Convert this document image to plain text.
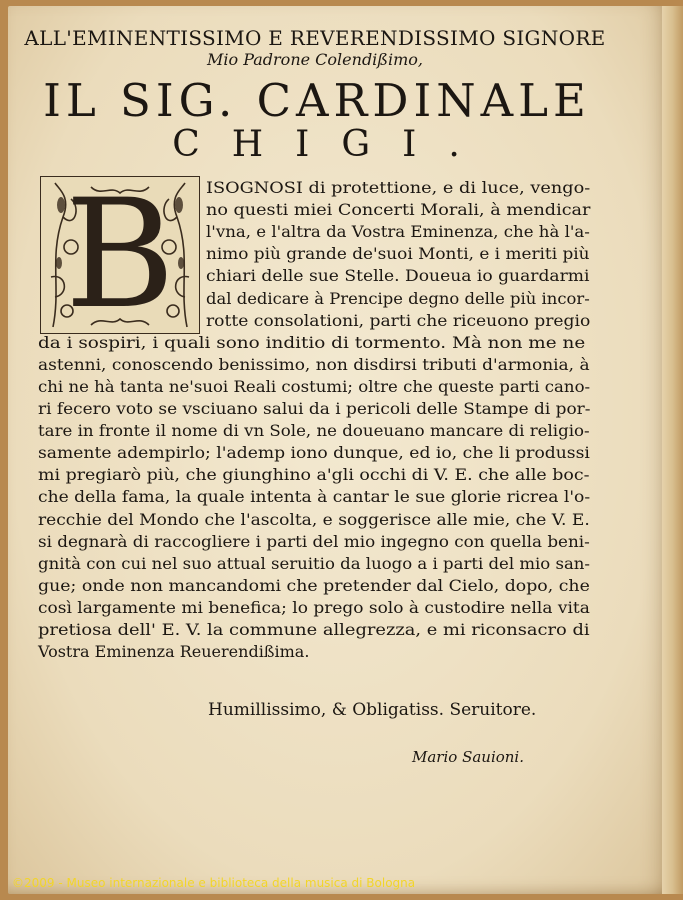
ALL'EMINENTISSIMO E REVERENDISSIMO SIGNORE
Mio Padrone Colendißimo,
IL SIG. CARDINALE
CHIGI.
B	ISOGNOSI di protettione, e di luce, vengo-
no questi miei Concerti Morali, à mendicar
l'vna, e l'altra da Vostra Eminenza, che hà l'a-
nimo più grande de'suoi Monti, e i meriti più
chiari delle sue Stelle. Doueua io guardarmi
dal dedicare à Prencipe degno delle più incor-
rotte consolationi, parti che riceuono pregio
da i sospiri, i quali sono inditio di tormento. Mà non me ne
astenni, conoscendo benissimo, non disdirsi tributi d'armonia, à
chi ne hà tanta ne'suoi Reali costumi; oltre che queste parti cano-
ri fecero voto se vsciuano salui da i pericoli delle Stampe di por-
tare in fronte il nome di vn Sole, ne doueuano mancare di religio-
samente adempirlo; l'ademp iono dunque, ed io, che li produssi
mi pregiarò più, che giunghino a'gli occhi di V. E. che alle boc-
che della fama, la quale intenta à cantar le sue glorie ricrea l'o-
recchie del Mondo che l'ascolta, e soggerisce alle mie, che V. E.
si degnarà di raccogliere i parti del mio ingegno con quella beni-
gnità con cui nel suo attual seruitio da luogo a i parti del mio san-
gue; onde non mancandomi che pretender dal Cielo, dopo, che
così largamente mi benefica; lo prego solo à custodire nella vita
pretiosa dell' E. V. la commune allegrezza, e mi riconsacro di
Vostra Eminenza Reuerendißima.
Humillissimo, & Obligatiss. Seruitore.
Mario Sauioni.
©2009 - Museo internazionale e biblioteca della musica di Bologna
